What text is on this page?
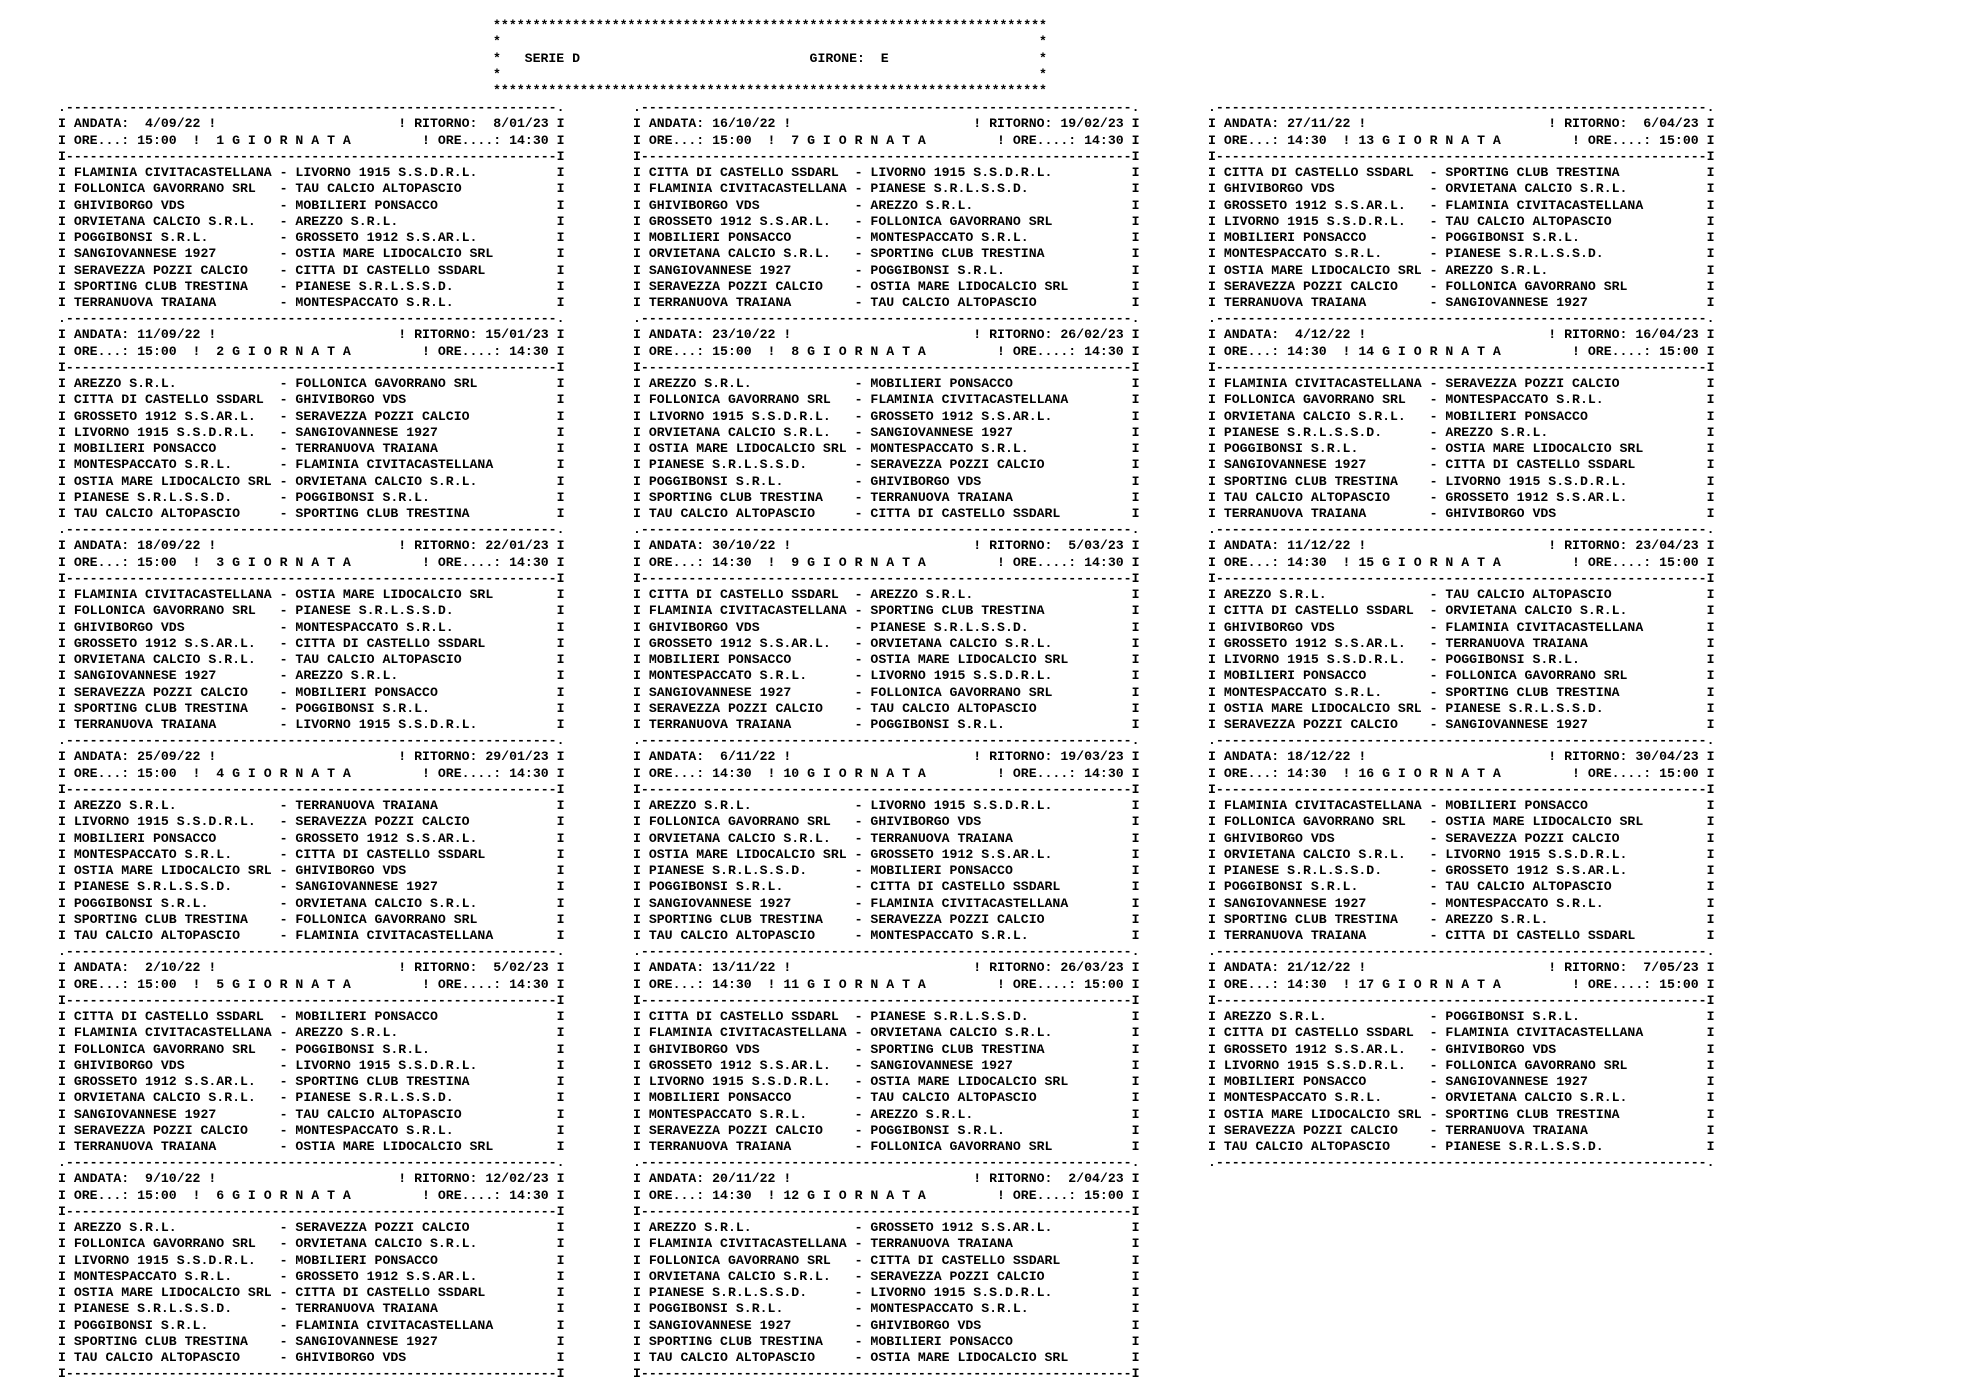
**********************************************************************
*                                                                    *
*   SERIE D                             GIRONE:  E                   *
*                                                                    *
**********************************************************************

.--------------------------------------------------------------.
I ANDATA:  4/09/22 !                       ! RITORNO:  8/01/23 I
I ORE...: 15:00  !  1 G I O R N A T A         ! ORE....: 14:30 I
I--------------------------------------------------------------I
I FLAMINIA CIVITACASTELLANA - LIVORNO 1915 S.S.D.R.L.          I
I FOLLONICA GAVORRANO SRL   - TAU CALCIO ALTOPASCIO            I
I GHIVIBORGO VDS            - MOBILIERI PONSACCO               I
I ORVIETANA CALCIO S.R.L.   - AREZZO S.R.L.                    I
I POGGIBONSI S.R.L.         - GROSSETO 1912 S.S.AR.L.          I
I SANGIOVANNESE 1927        - OSTIA MARE LIDOCALCIO SRL        I
I SERAVEZZA POZZI CALCIO    - CITTA DI CASTELLO SSDARL         I
I SPORTING CLUB TRESTINA    - PIANESE S.R.L.S.S.D.             I
I TERRANUOVA TRAIANA        - MONTESPACCATO S.R.L.             I

.--------------------------------------------------------------.
I ANDATA: 11/09/22 !                       ! RITORNO: 15/01/23 I
I ORE...: 15:00  !  2 G I O R N A T A         ! ORE....: 14:30 I
I--------------------------------------------------------------I
I AREZZO S.R.L.             - FOLLONICA GAVORRANO SRL          I
I CITTA DI CASTELLO SSDARL  - GHIVIBORGO VDS                   I
I GROSSETO 1912 S.S.AR.L.   - SERAVEZZA POZZI CALCIO           I
I LIVORNO 1915 S.S.D.R.L.   - SANGIOVANNESE 1927               I
I MOBILIERI PONSACCO        - TERRANUOVA TRAIANA               I
I MONTESPACCATO S.R.L.      - FLAMINIA CIVITACASTELLANA        I
I OSTIA MARE LIDOCALCIO SRL - ORVIETANA CALCIO S.R.L.          I
I PIANESE S.R.L.S.S.D.      - POGGIBONSI S.R.L.                I
I TAU CALCIO ALTOPASCIO     - SPORTING CLUB TRESTINA           I

.--------------------------------------------------------------.
I ANDATA: 18/09/22 !                       ! RITORNO: 22/01/23 I
I ORE...: 15:00  !  3 G I O R N A T A         ! ORE....: 14:30 I
I--------------------------------------------------------------I
I FLAMINIA CIVITACASTELLANA - OSTIA MARE LIDOCALCIO SRL        I
I FOLLONICA GAVORRANO SRL   - PIANESE S.R.L.S.S.D.             I
I GHIVIBORGO VDS            - MONTESPACCATO S.R.L.             I
I GROSSETO 1912 S.S.AR.L.   - CITTA DI CASTELLO SSDARL         I
I ORVIETANA CALCIO S.R.L.   - TAU CALCIO ALTOPASCIO            I
I SANGIOVANNESE 1927        - AREZZO S.R.L.                    I
I SERAVEZZA POZZI CALCIO    - MOBILIERI PONSACCO               I
I SPORTING CLUB TRESTINA    - POGGIBONSI S.R.L.                I
I TERRANUOVA TRAIANA        - LIVORNO 1915 S.S.D.R.L.          I

.--------------------------------------------------------------.
I ANDATA: 25/09/22 !                       ! RITORNO: 29/01/23 I
I ORE...: 15:00  !  4 G I O R N A T A         ! ORE....: 14:30 I
I--------------------------------------------------------------I
I AREZZO S.R.L.             - TERRANUOVA TRAIANA               I
I LIVORNO 1915 S.S.D.R.L.   - SERAVEZZA POZZI CALCIO           I
I MOBILIERI PONSACCO        - GROSSETO 1912 S.S.AR.L.          I
I MONTESPACCATO S.R.L.      - CITTA DI CASTELLO SSDARL         I
I OSTIA MARE LIDOCALCIO SRL - GHIVIBORGO VDS                   I
I PIANESE S.R.L.S.S.D.      - SANGIOVANNESE 1927               I
I POGGIBONSI S.R.L.         - ORVIETANA CALCIO S.R.L.          I
I SPORTING CLUB TRESTINA    - FOLLONICA GAVORRANO SRL          I
I TAU CALCIO ALTOPASCIO     - FLAMINIA CIVITACASTELLANA        I

.--------------------------------------------------------------.
I ANDATA:  2/10/22 !                       ! RITORNO:  5/02/23 I
I ORE...: 15:00  !  5 G I O R N A T A         ! ORE....: 14:30 I
I--------------------------------------------------------------I
I CITTA DI CASTELLO SSDARL  - MOBILIERI PONSACCO               I
I FLAMINIA CIVITACASTELLANA - AREZZO S.R.L.                    I
I FOLLONICA GAVORRANO SRL   - POGGIBONSI S.R.L.                I
I GHIVIBORGO VDS            - LIVORNO 1915 S.S.D.R.L.          I
I GROSSETO 1912 S.S.AR.L.   - SPORTING CLUB TRESTINA           I
I ORVIETANA CALCIO S.R.L.   - PIANESE S.R.L.S.S.D.             I
I SANGIOVANNESE 1927        - TAU CALCIO ALTOPASCIO            I
I SERAVEZZA POZZI CALCIO    - MONTESPACCATO S.R.L.             I
I TERRANUOVA TRAIANA        - OSTIA MARE LIDOCALCIO SRL        I

.--------------------------------------------------------------.
I ANDATA:  9/10/22 !                       ! RITORNO: 12/02/23 I
I ORE...: 15:00  !  6 G I O R N A T A         ! ORE....: 14:30 I
I--------------------------------------------------------------I
I AREZZO S.R.L.             - SERAVEZZA POZZI CALCIO           I
I FOLLONICA GAVORRANO SRL   - ORVIETANA CALCIO S.R.L.          I
I LIVORNO 1915 S.S.D.R.L.   - MOBILIERI PONSACCO               I
I MONTESPACCATO S.R.L.      - GROSSETO 1912 S.S.AR.L.          I
I OSTIA MARE LIDOCALCIO SRL - CITTA DI CASTELLO SSDARL         I
I PIANESE S.R.L.S.S.D.      - TERRANUOVA TRAIANA               I
I POGGIBONSI S.R.L.         - FLAMINIA CIVITACASTELLANA        I
I SPORTING CLUB TRESTINA    - SANGIOVANNESE 1927               I
I TAU CALCIO ALTOPASCIO     - GHIVIBORGO VDS                   I
I--------------------------------------------------------------I

.--------------------------------------------------------------.
I ANDATA: 16/10/22 !                       ! RITORNO: 19/02/23 I
I ORE...: 15:00  !  7 G I O R N A T A         ! ORE....: 14:30 I
I--------------------------------------------------------------I
I CITTA DI CASTELLO SSDARL  - LIVORNO 1915 S.S.D.R.L.          I
I FLAMINIA CIVITACASTELLANA - PIANESE S.R.L.S.S.D.             I
I GHIVIBORGO VDS            - AREZZO S.R.L.                    I
I GROSSETO 1912 S.S.AR.L.   - FOLLONICA GAVORRANO SRL          I
I MOBILIERI PONSACCO        - MONTESPACCATO S.R.L.             I
I ORVIETANA CALCIO S.R.L.   - SPORTING CLUB TRESTINA           I
I SANGIOVANNESE 1927        - POGGIBONSI S.R.L.                I
I SERAVEZZA POZZI CALCIO    - OSTIA MARE LIDOCALCIO SRL        I
I TERRANUOVA TRAIANA        - TAU CALCIO ALTOPASCIO            I

.--------------------------------------------------------------.
I ANDATA: 23/10/22 !                       ! RITORNO: 26/02/23 I
I ORE...: 15:00  !  8 G I O R N A T A         ! ORE....: 14:30 I
I--------------------------------------------------------------I
I AREZZO S.R.L.             - MOBILIERI PONSACCO               I
I FOLLONICA GAVORRANO SRL   - FLAMINIA CIVITACASTELLANA        I
I LIVORNO 1915 S.S.D.R.L.   - GROSSETO 1912 S.S.AR.L.          I
I ORVIETANA CALCIO S.R.L.   - SANGIOVANNESE 1927               I
I OSTIA MARE LIDOCALCIO SRL - MONTESPACCATO S.R.L.             I
I PIANESE S.R.L.S.S.D.      - SERAVEZZA POZZI CALCIO           I
I POGGIBONSI S.R.L.         - GHIVIBORGO VDS                   I
I SPORTING CLUB TRESTINA    - TERRANUOVA TRAIANA               I
I TAU CALCIO ALTOPASCIO     - CITTA DI CASTELLO SSDARL         I

.--------------------------------------------------------------.
I ANDATA: 30/10/22 !                       ! RITORNO:  5/03/23 I
I ORE...: 14:30  !  9 G I O R N A T A         ! ORE....: 14:30 I
I--------------------------------------------------------------I
I CITTA DI CASTELLO SSDARL  - AREZZO S.R.L.                    I
I FLAMINIA CIVITACASTELLANA - SPORTING CLUB TRESTINA           I
I GHIVIBORGO VDS            - PIANESE S.R.L.S.S.D.             I
I GROSSETO 1912 S.S.AR.L.   - ORVIETANA CALCIO S.R.L.          I
I MOBILIERI PONSACCO        - OSTIA MARE LIDOCALCIO SRL        I
I MONTESPACCATO S.R.L.      - LIVORNO 1915 S.S.D.R.L.          I
I SANGIOVANNESE 1927        - FOLLONICA GAVORRANO SRL          I
I SERAVEZZA POZZI CALCIO    - TAU CALCIO ALTOPASCIO            I
I TERRANUOVA TRAIANA        - POGGIBONSI S.R.L.                I

.--------------------------------------------------------------.
I ANDATA:  6/11/22 !                       ! RITORNO: 19/03/23 I
I ORE...: 14:30  ! 10 G I O R N A T A         ! ORE....: 14:30 I
I--------------------------------------------------------------I
I AREZZO S.R.L.             - LIVORNO 1915 S.S.D.R.L.          I
I FOLLONICA GAVORRANO SRL   - GHIVIBORGO VDS                   I
I ORVIETANA CALCIO S.R.L.   - TERRANUOVA TRAIANA               I
I OSTIA MARE LIDOCALCIO SRL - GROSSETO 1912 S.S.AR.L.          I
I PIANESE S.R.L.S.S.D.      - MOBILIERI PONSACCO               I
I POGGIBONSI S.R.L.         - CITTA DI CASTELLO SSDARL         I
I SANGIOVANNESE 1927        - FLAMINIA CIVITACASTELLANA        I
I SPORTING CLUB TRESTINA    - SERAVEZZA POZZI CALCIO           I
I TAU CALCIO ALTOPASCIO     - MONTESPACCATO S.R.L.             I

.--------------------------------------------------------------.
I ANDATA: 13/11/22 !                       ! RITORNO: 26/03/23 I
I ORE...: 14:30  ! 11 G I O R N A T A         ! ORE....: 15:00 I
I--------------------------------------------------------------I
I CITTA DI CASTELLO SSDARL  - PIANESE S.R.L.S.S.D.             I
I FLAMINIA CIVITACASTELLANA - ORVIETANA CALCIO S.R.L.          I
I GHIVIBORGO VDS            - SPORTING CLUB TRESTINA           I
I GROSSETO 1912 S.S.AR.L.   - SANGIOVANNESE 1927               I
I LIVORNO 1915 S.S.D.R.L.   - OSTIA MARE LIDOCALCIO SRL        I
I MOBILIERI PONSACCO        - TAU CALCIO ALTOPASCIO            I
I MONTESPACCATO S.R.L.      - AREZZO S.R.L.                    I
I SERAVEZZA POZZI CALCIO    - POGGIBONSI S.R.L.                I
I TERRANUOVA TRAIANA        - FOLLONICA GAVORRANO SRL          I

.--------------------------------------------------------------.
I ANDATA: 20/11/22 !                       ! RITORNO:  2/04/23 I
I ORE...: 14:30  ! 12 G I O R N A T A         ! ORE....: 15:00 I
I--------------------------------------------------------------I
I AREZZO S.R.L.             - GROSSETO 1912 S.S.AR.L.          I
I FLAMINIA CIVITACASTELLANA - TERRANUOVA TRAIANA               I
I FOLLONICA GAVORRANO SRL   - CITTA DI CASTELLO SSDARL         I
I ORVIETANA CALCIO S.R.L.   - SERAVEZZA POZZI CALCIO           I
I PIANESE S.R.L.S.S.D.      - LIVORNO 1915 S.S.D.R.L.          I
I POGGIBONSI S.R.L.         - MONTESPACCATO S.R.L.             I
I SANGIOVANNESE 1927        - GHIVIBORGO VDS                   I
I SPORTING CLUB TRESTINA    - MOBILIERI PONSACCO               I
I TAU CALCIO ALTOPASCIO     - OSTIA MARE LIDOCALCIO SRL        I
I--------------------------------------------------------------I

.--------------------------------------------------------------.
I ANDATA: 27/11/22 !                       ! RITORNO:  6/04/23 I
I ORE...: 14:30  ! 13 G I O R N A T A         ! ORE....: 15:00 I
I--------------------------------------------------------------I
I CITTA DI CASTELLO SSDARL  - SPORTING CLUB TRESTINA           I
I GHIVIBORGO VDS            - ORVIETANA CALCIO S.R.L.          I
I GROSSETO 1912 S.S.AR.L.   - FLAMINIA CIVITACASTELLANA        I
I LIVORNO 1915 S.S.D.R.L.   - TAU CALCIO ALTOPASCIO            I
I MOBILIERI PONSACCO        - POGGIBONSI S.R.L.                I
I MONTESPACCATO S.R.L.      - PIANESE S.R.L.S.S.D.             I
I OSTIA MARE LIDOCALCIO SRL - AREZZO S.R.L.                    I
I SERAVEZZA POZZI CALCIO    - FOLLONICA GAVORRANO SRL          I
I TERRANUOVA TRAIANA        - SANGIOVANNESE 1927               I

.--------------------------------------------------------------.
I ANDATA:  4/12/22 !                       ! RITORNO: 16/04/23 I
I ORE...: 14:30  ! 14 G I O R N A T A         ! ORE....: 15:00 I
I--------------------------------------------------------------I
I FLAMINIA CIVITACASTELLANA - SERAVEZZA POZZI CALCIO           I
I FOLLONICA GAVORRANO SRL   - MONTESPACCATO S.R.L.             I
I ORVIETANA CALCIO S.R.L.   - MOBILIERI PONSACCO               I
I PIANESE S.R.L.S.S.D.      - AREZZO S.R.L.                    I
I POGGIBONSI S.R.L.         - OSTIA MARE LIDOCALCIO SRL        I
I SANGIOVANNESE 1927        - CITTA DI CASTELLO SSDARL         I
I SPORTING CLUB TRESTINA    - LIVORNO 1915 S.S.D.R.L.          I
I TAU CALCIO ALTOPASCIO     - GROSSETO 1912 S.S.AR.L.          I
I TERRANUOVA TRAIANA        - GHIVIBORGO VDS                   I

.--------------------------------------------------------------.
I ANDATA: 11/12/22 !                       ! RITORNO: 23/04/23 I
I ORE...: 14:30  ! 15 G I O R N A T A         ! ORE....: 15:00 I
I--------------------------------------------------------------I
I AREZZO S.R.L.             - TAU CALCIO ALTOPASCIO            I
I CITTA DI CASTELLO SSDARL  - ORVIETANA CALCIO S.R.L.          I
I GHIVIBORGO VDS            - FLAMINIA CIVITACASTELLANA        I
I GROSSETO 1912 S.S.AR.L.   - TERRANUOVA TRAIANA               I
I LIVORNO 1915 S.S.D.R.L.   - POGGIBONSI S.R.L.                I
I MOBILIERI PONSACCO        - FOLLONICA GAVORRANO SRL          I
I MONTESPACCATO S.R.L.      - SPORTING CLUB TRESTINA           I
I OSTIA MARE LIDOCALCIO SRL - PIANESE S.R.L.S.S.D.             I
I SERAVEZZA POZZI CALCIO    - SANGIOVANNESE 1927               I

.--------------------------------------------------------------.
I ANDATA: 18/12/22 !                       ! RITORNO: 30/04/23 I
I ORE...: 14:30  ! 16 G I O R N A T A         ! ORE....: 15:00 I
I--------------------------------------------------------------I
I FLAMINIA CIVITACASTELLANA - MOBILIERI PONSACCO               I
I FOLLONICA GAVORRANO SRL   - OSTIA MARE LIDOCALCIO SRL        I
I GHIVIBORGO VDS            - SERAVEZZA POZZI CALCIO           I
I ORVIETANA CALCIO S.R.L.   - LIVORNO 1915 S.S.D.R.L.          I
I PIANESE S.R.L.S.S.D.      - GROSSETO 1912 S.S.AR.L.          I
I POGGIBONSI S.R.L.         - TAU CALCIO ALTOPASCIO            I
I SANGIOVANNESE 1927        - MONTESPACCATO S.R.L.             I
I SPORTING CLUB TRESTINA    - AREZZO S.R.L.                    I
I TERRANUOVA TRAIANA        - CITTA DI CASTELLO SSDARL         I

.--------------------------------------------------------------.
I ANDATA: 21/12/22 !                       ! RITORNO:  7/05/23 I
I ORE...: 14:30  ! 17 G I O R N A T A         ! ORE....: 15:00 I
I--------------------------------------------------------------I
I AREZZO S.R.L.             - POGGIBONSI S.R.L.                I
I CITTA DI CASTELLO SSDARL  - FLAMINIA CIVITACASTELLANA        I
I GROSSETO 1912 S.S.AR.L.   - GHIVIBORGO VDS                   I
I LIVORNO 1915 S.S.D.R.L.   - FOLLONICA GAVORRANO SRL          I
I MOBILIERI PONSACCO        - SANGIOVANNESE 1927               I
I MONTESPACCATO S.R.L.      - ORVIETANA CALCIO S.R.L.          I
I OSTIA MARE LIDOCALCIO SRL - SPORTING CLUB TRESTINA           I
I SERAVEZZA POZZI CALCIO    - TERRANUOVA TRAIANA               I
I TAU CALCIO ALTOPASCIO     - PIANESE S.R.L.S.S.D.             I
.--------------------------------------------------------------.
